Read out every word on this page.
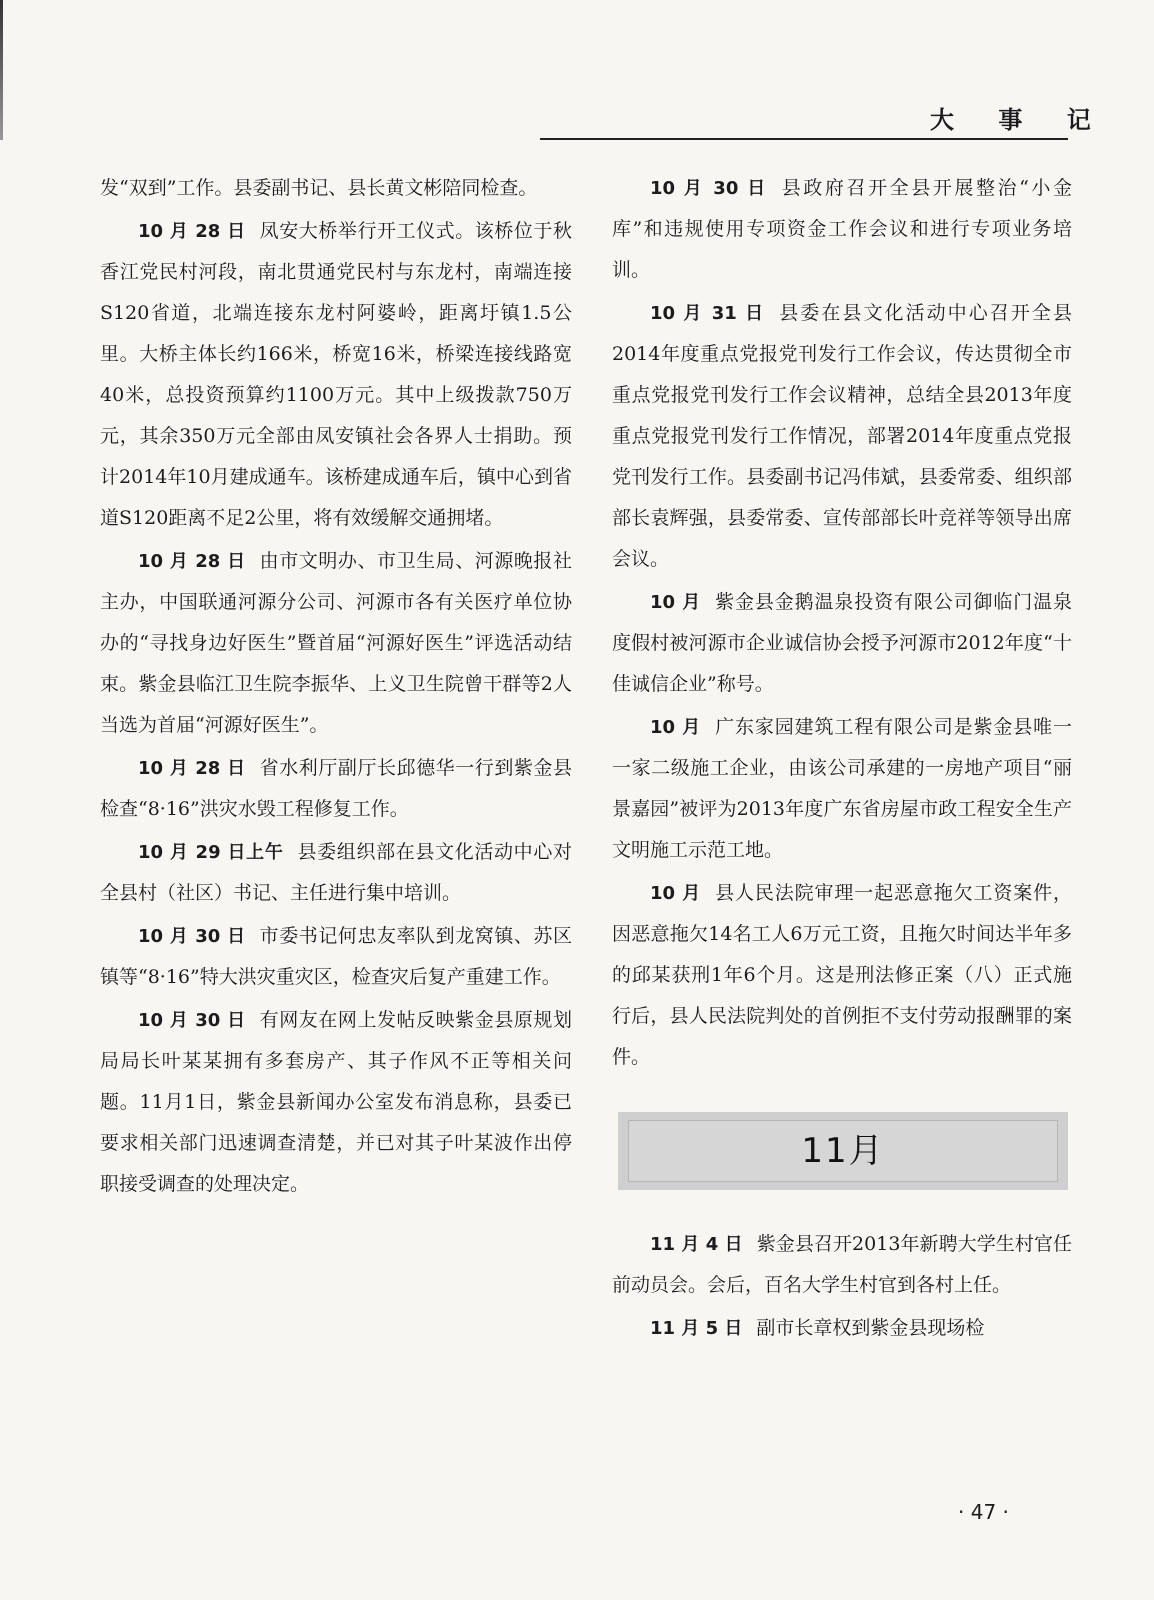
大 事 记

发“双到”工作。县委副书记、县长黄文彬陪同检查。

10 月 28 日 凤安大桥举行开工仪式。该桥位于秋香江党民村河段，南北贯通党民村与东龙村，南端连接S120省道，北端连接东龙村阿婆岭，距离圩镇1.5公里。大桥主体长约166米，桥宽16米，桥梁连接线路宽40米，总投资预算约1100万元。其中上级拨款750万元，其余350万元全部由凤安镇社会各界人士捐助。预计2014年10月建成通车。该桥建成通车后，镇中心到省道S120距离不足2公里，将有效缓解交通拥堵。

10 月 28 日 由市文明办、市卫生局、河源晚报社主办，中国联通河源分公司、河源市各有关医疗单位协办的“寻找身边好医生”暨首届“河源好医生”评选活动结束。紫金县临江卫生院李振华、上义卫生院曾干群等2人当选为首届“河源好医生”。

10 月 28 日 省水利厅副厅长邱德华一行到紫金县检查“8·16”洪灾水毁工程修复工作。

10 月 29 日上午 县委组织部在县文化活动中心对全县村（社区）书记、主任进行集中培训。

10 月 30 日 市委书记何忠友率队到龙窝镇、苏区镇等“8·16”特大洪灾重灾区，检查灾后复产重建工作。

10 月 30 日 有网友在网上发帖反映紫金县原规划局局长叶某某拥有多套房产、其子作风不正等相关问题。11月1日，紫金县新闻办公室发布消息称，县委已要求相关部门迅速调查清楚，并已对其子叶某波作出停职接受调查的处理决定。

10 月 30 日 县政府召开全县开展整治“小金库”和违规使用专项资金工作会议和进行专项业务培训。

10 月 31 日 县委在县文化活动中心召开全县2014年度重点党报党刊发行工作会议，传达贯彻全市重点党报党刊发行工作会议精神，总结全县2013年度重点党报党刊发行工作情况，部署2014年度重点党报党刊发行工作。县委副书记冯伟斌，县委常委、组织部部长袁辉强，县委常委、宣传部部长叶竞祥等领导出席会议。

10 月 紫金县金鹅温泉投资有限公司御临门温泉度假村被河源市企业诚信协会授予河源市2012年度“十佳诚信企业”称号。

10 月 广东家园建筑工程有限公司是紫金县唯一一家二级施工企业，由该公司承建的一房地产项目“丽景嘉园”被评为2013年度广东省房屋市政工程安全生产文明施工示范工地。

10 月 县人民法院审理一起恶意拖欠工资案件，因恶意拖欠14名工人6万元工资，且拖欠时间达半年多的邱某获刑1年6个月。这是刑法修正案（八）正式施行后，县人民法院判处的首例拒不支付劳动报酬罪的案件。

11月

11 月 4 日 紫金县召开2013年新聘大学生村官任前动员会。会后，百名大学生村官到各村上任。

11 月 5 日 副市长章权到紫金县现场检

· 47 ·
